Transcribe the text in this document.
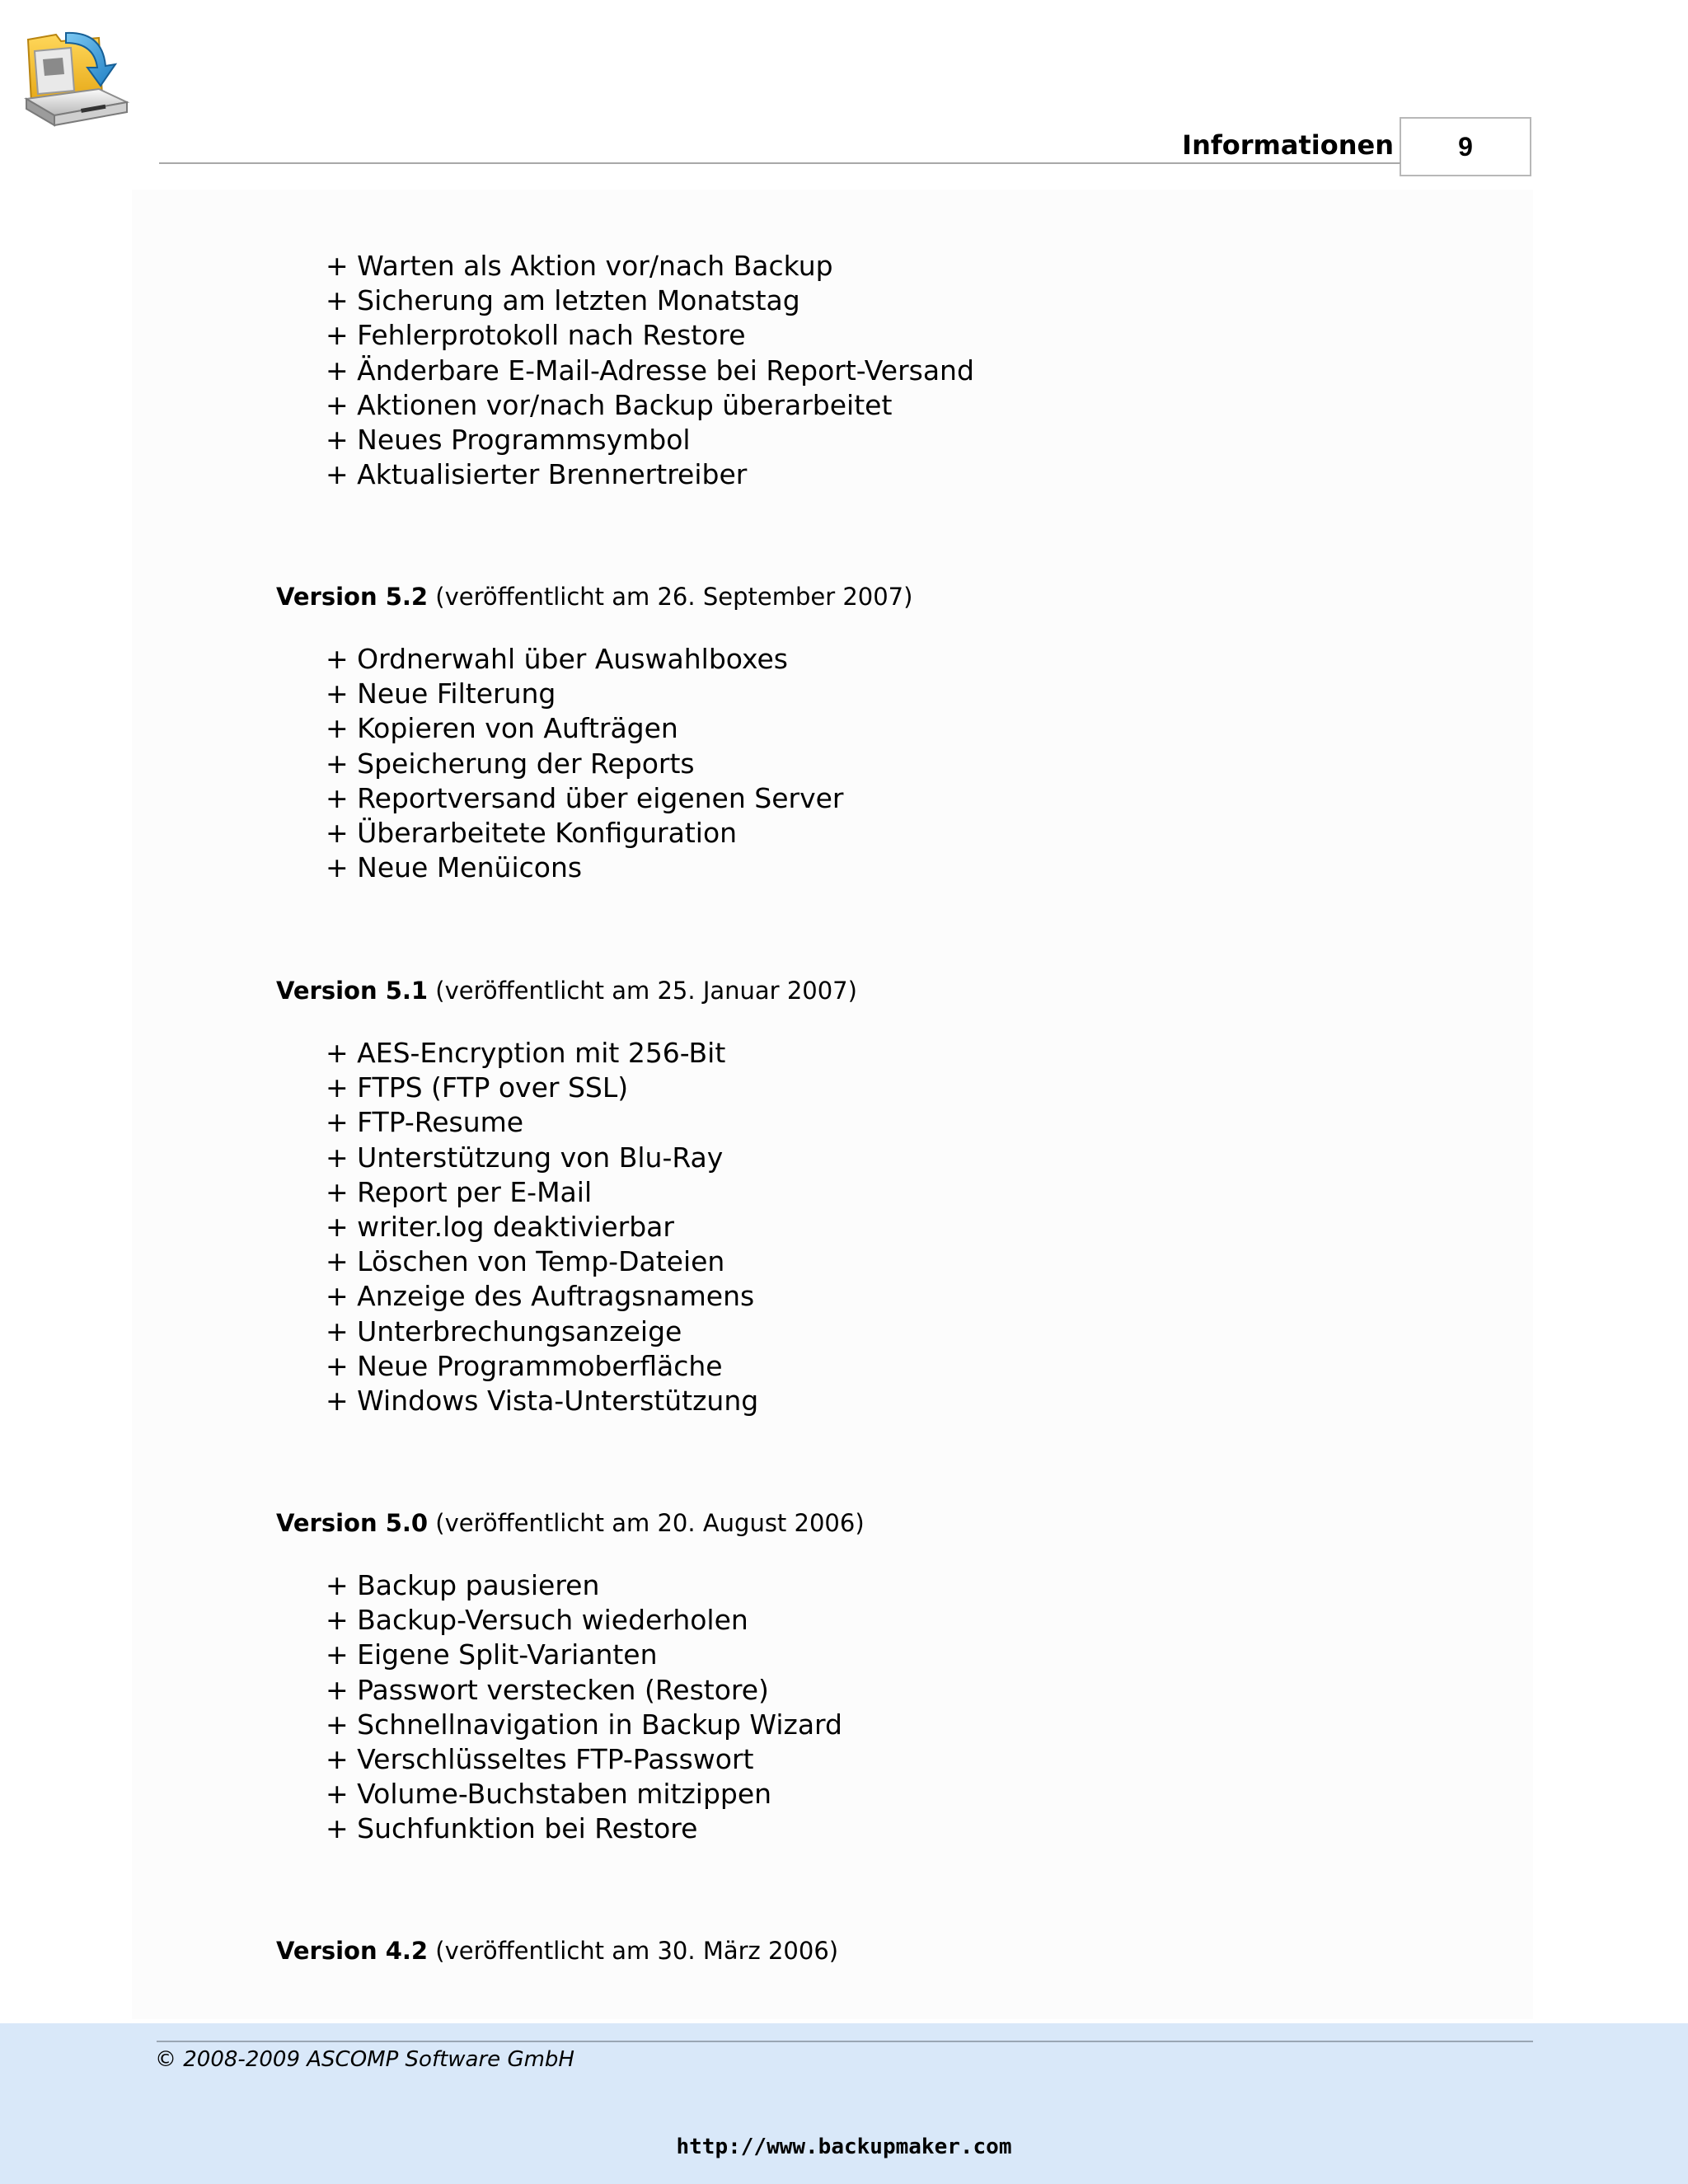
Informationen	9
+ Warten als Aktion vor/nach Backup
+ Sicherung am letzten Monatstag
+ Fehlerprotokoll nach Restore
+ Änderbare E-Mail-Adresse bei Report-Versand
+ Aktionen vor/nach Backup überarbeitet
+ Neues Programmsymbol
+ Aktualisierter Brennertreiber

Version 5.2 (veröffentlicht am 26. September 2007)

+ Ordnerwahl über Auswahlboxes
+ Neue Filterung
+ Kopieren von Aufträgen
+ Speicherung der Reports
+ Reportversand über eigenen Server
+ Überarbeitete Konfiguration
+ Neue Menüicons

Version 5.1 (veröffentlicht am 25. Januar 2007)

+ AES-Encryption mit 256-Bit
+ FTPS (FTP over SSL)
+ FTP-Resume
+ Unterstützung von Blu-Ray
+ Report per E-Mail
+ writer.log deaktivierbar
+ Löschen von Temp-Dateien
+ Anzeige des Auftragsnamens
+ Unterbrechungsanzeige
+ Neue Programmoberfläche
+ Windows Vista-Unterstützung

Version 5.0 (veröffentlicht am 20. August 2006)

+ Backup pausieren
+ Backup-Versuch wiederholen
+ Eigene Split-Varianten
+ Passwort verstecken (Restore)
+ Schnellnavigation in Backup Wizard
+ Verschlüsseltes FTP-Passwort
+ Volume-Buchstaben mitzippen
+ Suchfunktion bei Restore

Version 4.2 (veröffentlicht am 30. März 2006)

© 2008-2009 ASCOMP Software GmbH
http://www.backupmaker.com
